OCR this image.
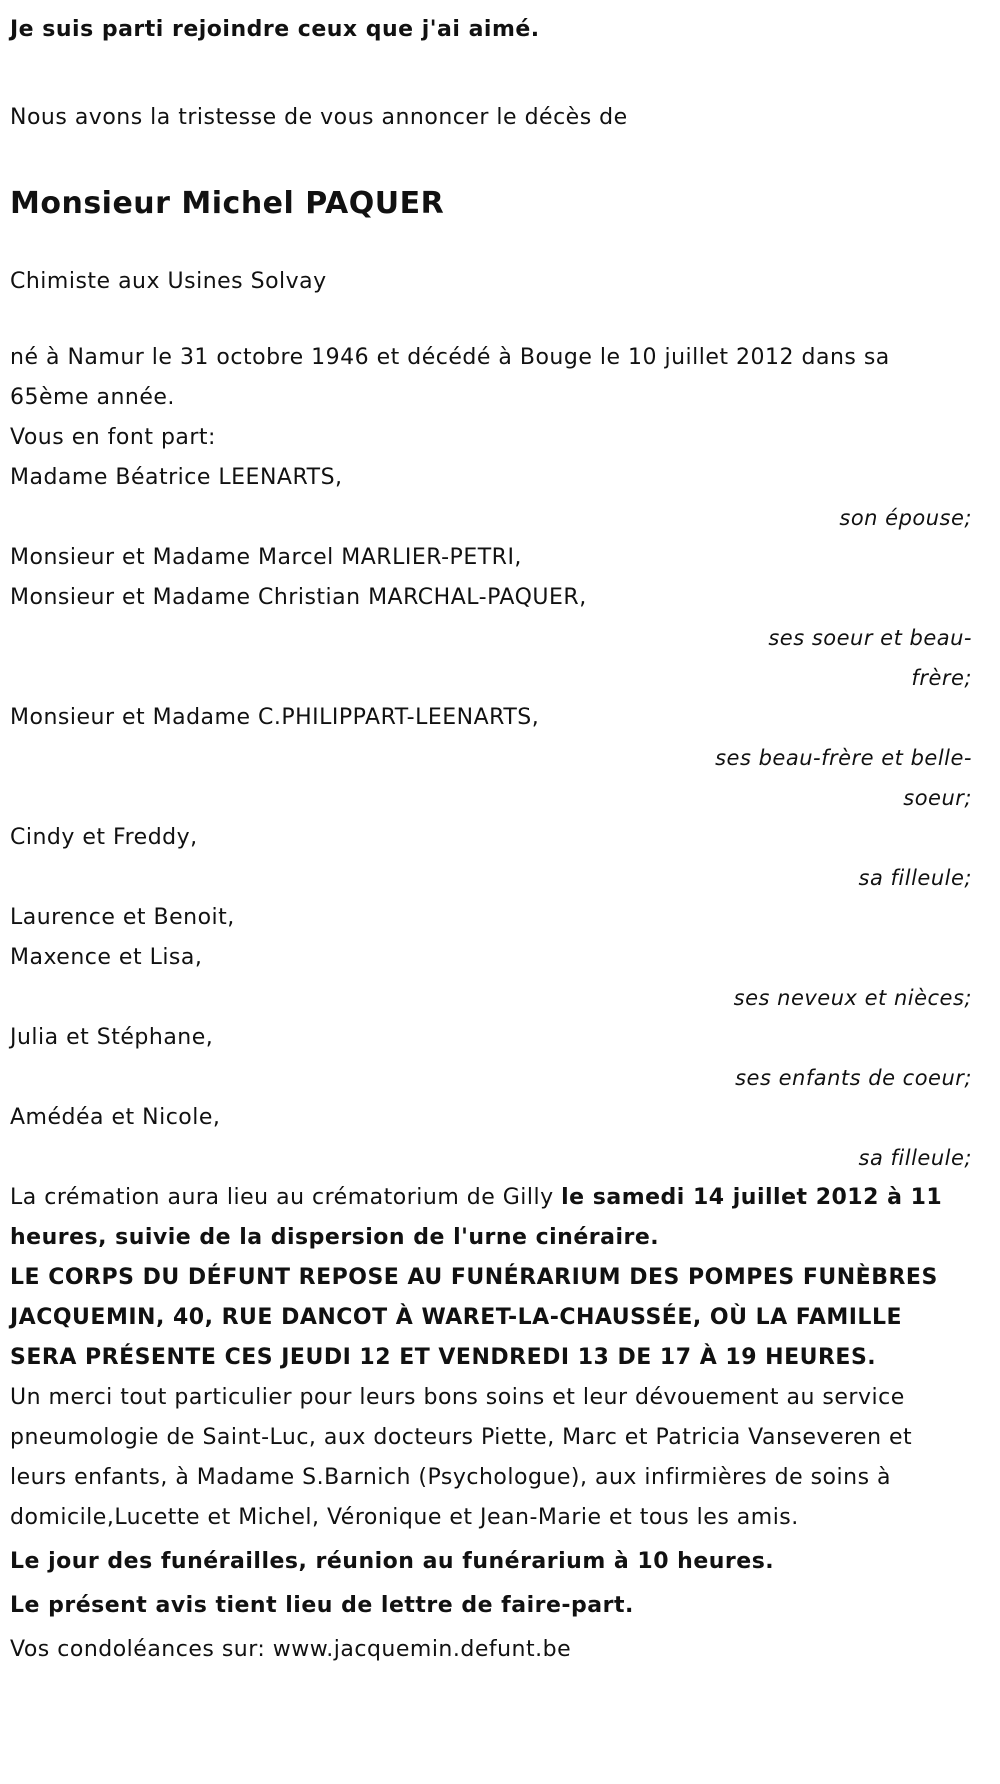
Je suis parti rejoindre ceux que j'ai aimé.

Nous avons la tristesse de vous annoncer le décès de

Monsieur Michel PAQUER

Chimiste aux Usines Solvay

né à Namur le 31 octobre 1946 et décédé à Bouge le 10 juillet 2012 dans sa 65ème année.

Vous en font part:

Madame Béatrice LEENARTS,

son épouse;

Monsieur et Madame Marcel MARLIER-PETRI,

Monsieur et Madame Christian MARCHAL-PAQUER,

ses soeur et beau-frère;

Monsieur et Madame C.PHILIPPART-LEENARTS,

ses beau-frère et belle-soeur;

Cindy et Freddy,

sa filleule;

Laurence et Benoit,

Maxence et Lisa,

ses neveux et nièces;

Julia et Stéphane,

ses enfants de coeur;

Amédéa et Nicole,

sa filleule;

La crémation aura lieu au crématorium de Gilly le samedi 14 juillet 2012 à 11 heures, suivie de la dispersion de l'urne cinéraire.

LE CORPS DU DÉFUNT REPOSE AU FUNÉRARIUM DES POMPES FUNÈBRES JACQUEMIN, 40, RUE DANCOT À WARET-LA-CHAUSSÉE, OÙ LA FAMILLE SERA PRÉSENTE CES JEUDI 12 ET VENDREDI 13 DE 17 À 19 HEURES.

Un merci tout particulier pour leurs bons soins et leur dévouement au service pneumologie de Saint-Luc, aux docteurs Piette, Marc et Patricia Vanseveren et leurs enfants, à Madame S.Barnich (Psychologue), aux infirmières de soins à domicile,Lucette et Michel, Véronique et Jean-Marie et tous les amis.

Le jour des funérailles, réunion au funérarium à 10 heures.

Le présent avis tient lieu de lettre de faire-part.

Vos condoléances sur: www.jacquemin.defunt.be
